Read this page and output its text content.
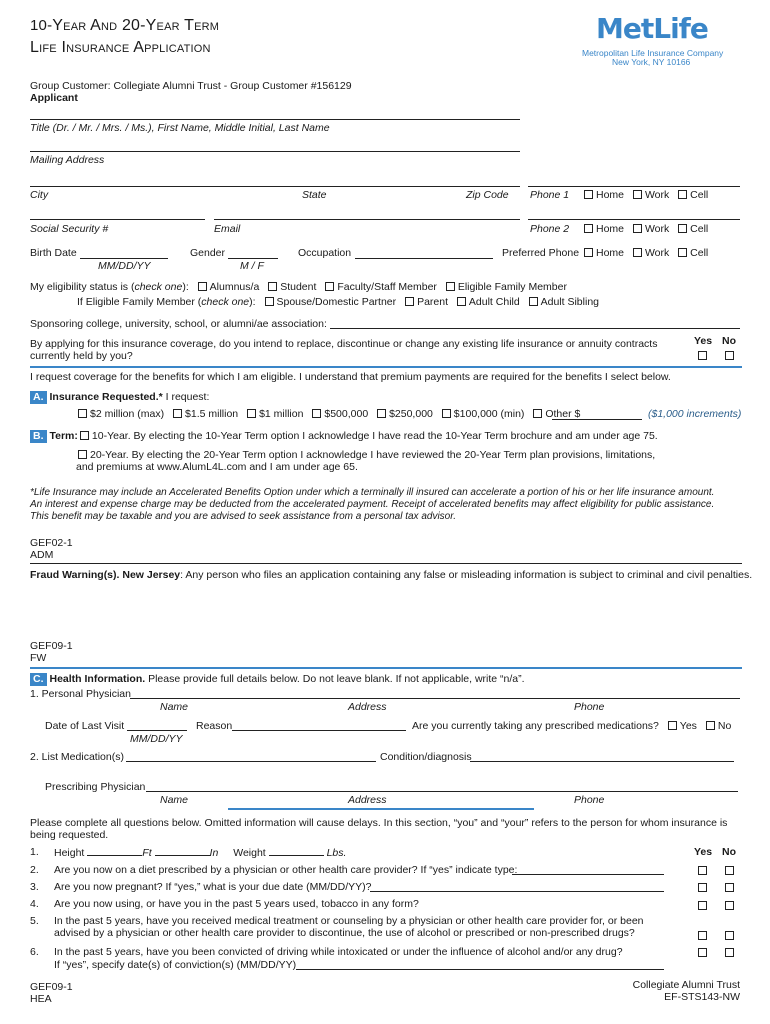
10-Year And 20-Year Term
Life Insurance Application
MetLife
Metropolitan Life Insurance Company
New York, NY 10166
Group Customer: Collegiate Alumni Trust - Group Customer #156129
Applicant
Title (Dr. / Mr. / Mrs. / Ms.), First Name, Middle Initial, Last Name
Mailing Address
City	State	Zip Code Phone 1	Home Work Cell
Social Security #	Email	Phone 2	Home Work Cell
Birth Date
MM/DD/YY
Gender
M / F
Occupation	Preferred Phone	Home Work Cell
My eligibility status is (check one): Alumnus/a Student Faculty/Staff Member Eligible Family Member
If Eligible Family Member (check one): Spouse/Domestic Partner Parent Adult Child Adult Sibling
Sponsoring college, university, school, or alumni/ae association:
By applying for this insurance coverage, do you intend to replace, discontinue or change any existing life insurance or annuity contracts
currently held by you?
Yes No
I request coverage for the benefits for which I am eligible. I understand that premium payments are required for the benefits I select below.
A. Insurance Requested.* I request:
$2 million (max) $1.5 million $1 million $500,000 $250,000 $100,000 (min) Other $	($1,000 increments)
B. Term: 10-Year. By electing the 10-Year Term option I acknowledge I have read the 10-Year Term brochure and am under age 75.
20-Year. By electing the 20-Year Term option I acknowledge I have reviewed the 20-Year Term plan provisions, limitations,
and premiums at www.AlumL4L.com and I am under age 65.
*Life Insurance may include an Accelerated Benefits Option under which a terminally ill insured can accelerate a portion of his or her life insurance amount.
An interest and expense charge may be deducted from the accelerated payment. Receipt of accelerated benefits may affect eligibility for public assistance.
This benefit may be taxable and you are advised to seek assistance from a personal tax advisor.
GEF02-1
ADM
Fraud Warning(s). New Jersey: Any person who files an application containing any false or misleading information is subject to criminal and civil penalties.
GEF09-1
FW
C. Health Information. Please provide full details below. Do not leave blank. If not applicable, write “n/a”.
1. Personal Physician
Name	Address	Phone
Date of Last Visit
MM/DD/YY
Reason	Are you currently taking any prescribed medications? Yes No
2. List Medication(s)	Condition/diagnosis
Prescribing Physician
Name	Address	Phone
Please complete all questions below. Omitted information will cause delays. In this section, “you” and “your” refers to the person for whom insurance is
being requested.
Yes No
1. Height	Ft	In Weight	Lbs.
2. Are you now on a diet prescribed by a physician or other health care provider? If “yes” indicate type:
3. Are you now pregnant? If “yes,” what is your due date (MM/DD/YY)?
4. Are you now using, or have you in the past 5 years used, tobacco in any form?
5. In the past 5 years, have you received medical treatment or counseling by a physician or other health care provider for, or been
advised by a physician or other health care provider to discontinue, the use of alcohol or prescribed or non-prescribed drugs?
6. In the past 5 years, have you been convicted of driving while intoxicated or under the influence of alcohol and/or any drug?
If “yes”, specify date(s) of conviction(s) (MM/DD/YY)
GEF09-1
HEA
Collegiate Alumni Trust
EF-STS143-NW
